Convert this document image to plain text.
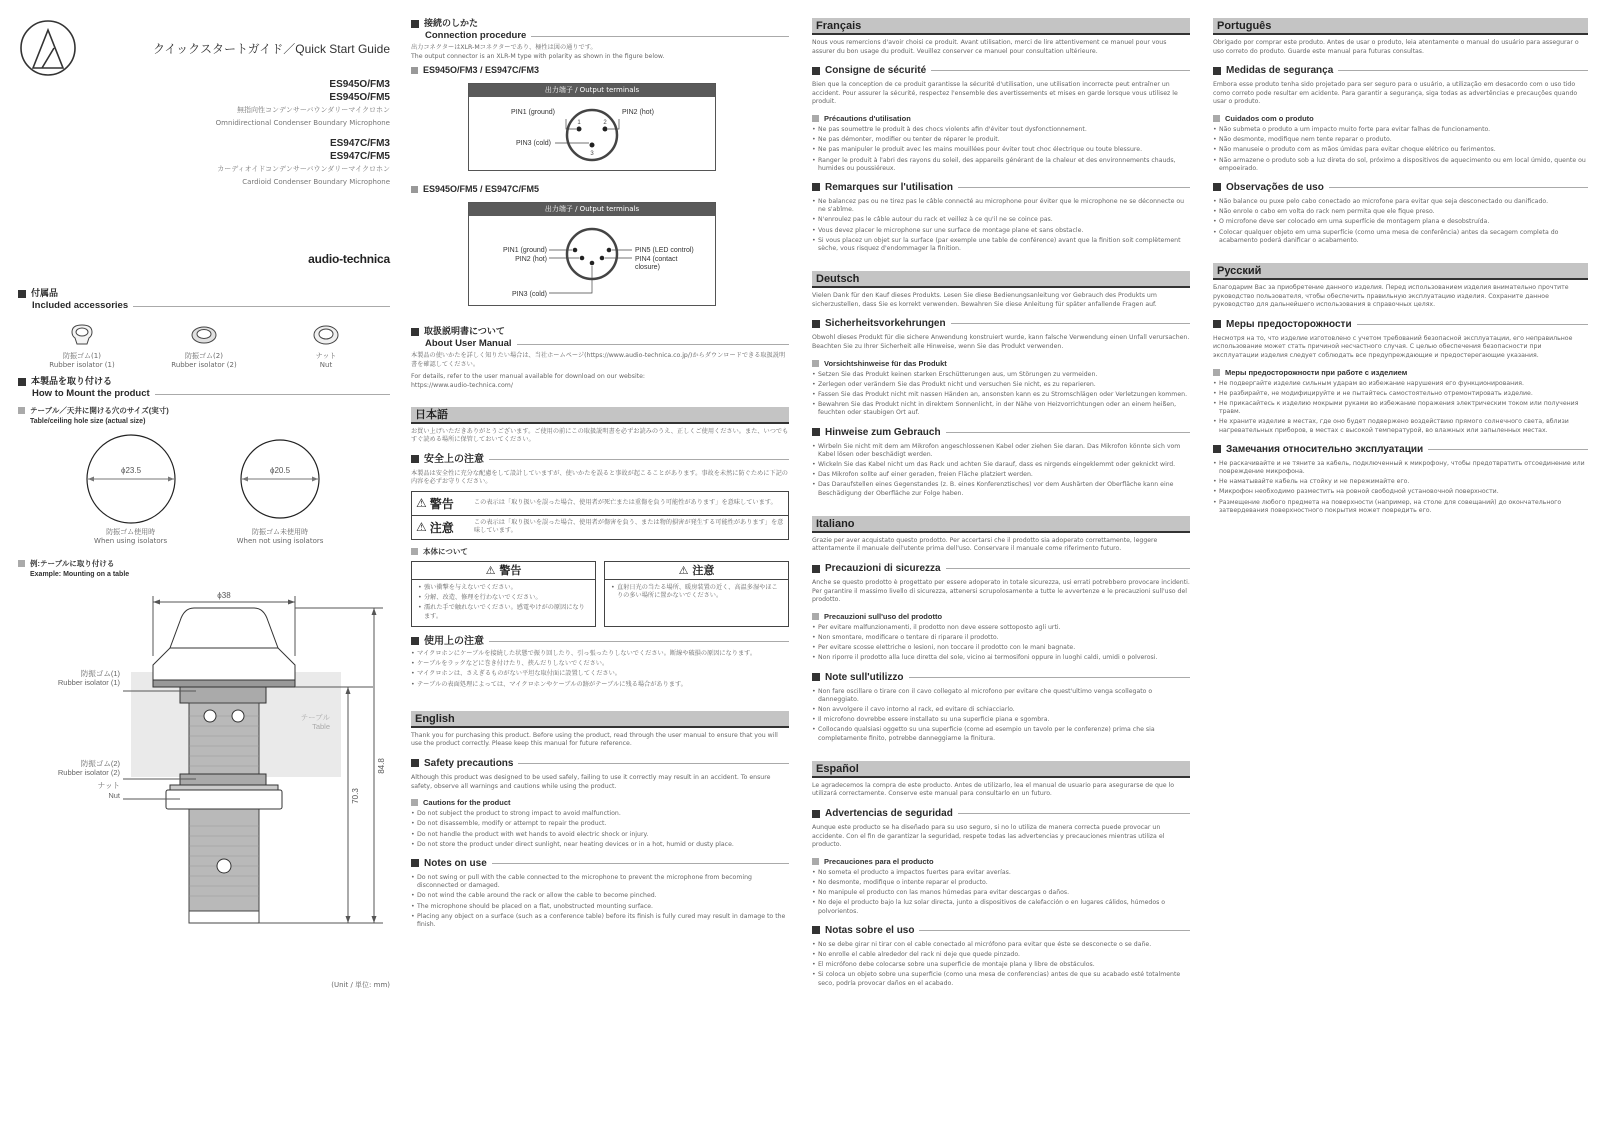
クイックスタートガイド／Quick Start Guide
ES945O/FM3
ES945O/FM5
無指向性コンデンサーバウンダリーマイクロホン
Omnidirectional Condenser Boundary Microphone
ES947C/FM3
ES947C/FM5
カーディオイドコンデンサーバウンダリーマイクロホン
Cardioid Condenser Boundary Microphone
audio-technica
付属品
Included accessories
防振ゴム(1)
Rubber isolator (1)
防振ゴム(2)
Rubber isolator (2)
ナット
Nut
本製品を取り付ける
How to Mount the product
テーブル／天井に開ける穴のサイズ(実寸)
Table/ceiling hole size (actual size)
ϕ23.5
防振ゴム使用時
When using isolators
ϕ20.5
防振ゴム未使用時
When not using isolators
例:テーブルに取り付ける
Example: Mounting on a table
ϕ38
84.8
70.3
防振ゴム(1)
Rubber isolator (1)
防振ゴム(2)
Rubber isolator (2)
ナット
Nut
テーブル
Table
(Unit / 単位: mm)
接続のしかた
Connection procedure
出力コネクターはXLR-Mコネクターであり、極性は図の通りです。
The output connector is an XLR-M type with polarity as shown in the figure below.
ES945O/FM3 / ES947C/FM3
出力端子 / Output terminals
1	2
3
PIN1 (ground)	PIN2 (hot)
PIN3 (cold)
ES945O/FM5 / ES947C/FM5
出力端子 / Output terminals
PIN1 (ground)
PIN2 (hot)
PIN3 (cold)
PIN5 (LED control)
PIN4 (contact
closure)
取扱説明書について
About User Manual
本製品の使いかたを詳しく知りたい場合は、当社ホームページ(https://www.audio-technica.co.jp/)からダウンロードできる取扱説明書を確認してください。
For details, refer to the user manual available for download on our website:
https://www.audio-technica.com/
日本語

お買い上げいただきありがとうございます。ご使用の前にこの取扱説明書を必ずお読みのうえ、正しくご使用ください。また、いつでもすぐ読める場所に保管しておいてください。

安全上の注意

本製品は安全性に充分な配慮をして設計していますが、使いかたを誤ると事故が起こることがあります。事故を未然に防ぐために下記の内容を必ずお守りください。

⚠ 警告	この表示は「取り扱いを誤った場合、使用者が死亡または重傷を負う可能性があります」を意味しています。
⚠ 注意	この表示は「取り扱いを誤った場合、使用者が傷害を負う、または物的損害が発生する可能性があります」を意味しています。
本体について
⚠ 警告
• 強い衝撃を与えないでください。
• 分解、改造、修理を行わないでください。
• 濡れた手で触れないでください。感電やけがの原因になります。
⚠ 注意
• 直射日光の当たる場所、暖房装置の近く、高温多湿やほこりの多い場所に置かないでください。
使用上の注意
• マイクロホンにケーブルを接続した状態で振り回したり、引っ張ったりしないでください。断線や破損の原因になります。
• ケーブルをラックなどに巻き付けたり、挟んだりしないでください。
• マイクロホンは、さえぎるものがない平坦な取付面に設置してください。
• テーブルの表面処理によっては、マイクロホンやケーブルの跡がテーブルに残る場合があります。
English

Thank you for purchasing this product. Before using the product, read through the user manual to ensure that you will use the product correctly. Please keep this manual for future reference.

Safety precautions

Although this product was designed to be used safely, failing to use it correctly may result in an accident. To ensure safety, observe all warnings and cautions while using the product.

Cautions for the product
• Do not subject the product to strong impact to avoid malfunction.
• Do not disassemble, modify or attempt to repair the product.
• Do not handle the product with wet hands to avoid electric shock or injury.
• Do not store the product under direct sunlight, near heating devices or in a hot, humid or dusty place.
Notes on use
• Do not swing or pull with the cable connected to the microphone to prevent the microphone from becoming disconnected or damaged.
• Do not wind the cable around the rack or allow the cable to become pinched.
• The microphone should be placed on a flat, unobstructed mounting surface.
• Placing any object on a surface (such as a conference table) before its finish is fully cured may result in damage to the finish.
Français

Nous vous remercions d'avoir choisi ce produit. Avant utilisation, merci de lire attentivement ce manuel pour vous assurer du bon usage du produit. Veuillez conserver ce manuel pour consultation ultérieure.

Consigne de sécurité

Bien que la conception de ce produit garantisse la sécurité d'utilisation, une utilisation incorrecte peut entraîner un accident. Pour assurer la sécurité, respectez l'ensemble des avertissements et mises en garde lorsque vous utilisez le produit.

Précautions d'utilisation
• Ne pas soumettre le produit à des chocs violents afin d'éviter tout dysfonctionnement.
• Ne pas démonter, modifier ou tenter de réparer le produit.
• Ne pas manipuler le produit avec les mains mouillées pour éviter tout choc électrique ou toute blessure.
• Ranger le produit à l'abri des rayons du soleil, des appareils générant de la chaleur et des environnements chauds, humides ou poussiéreux.
Remarques sur l'utilisation
• Ne balancez pas ou ne tirez pas le câble connecté au microphone pour éviter que le microphone ne se déconnecte ou ne s'abîme.
• N'enroulez pas le câble autour du rack et veillez à ce qu'il ne se coince pas.
• Vous devez placer le microphone sur une surface de montage plane et sans obstacle.
• Si vous placez un objet sur la surface (par exemple une table de conférence) avant que la finition soit complètement sèche, vous risquez d'endommager la finition.
Deutsch

Vielen Dank für den Kauf dieses Produkts. Lesen Sie diese Bedienungsanleitung vor Gebrauch des Produkts um sicherzustellen, dass Sie es korrekt verwenden. Bewahren Sie diese Anleitung für später anfallende Fragen auf.

Sicherheitsvorkehrungen

Obwohl dieses Produkt für die sichere Anwendung konstruiert wurde, kann falsche Verwendung einen Unfall verursachen. Beachten Sie zu Ihrer Sicherheit alle Hinweise, wenn Sie das Produkt verwenden.

Vorsichtshinweise für das Produkt
• Setzen Sie das Produkt keinen starken Erschütterungen aus, um Störungen zu vermeiden.
• Zerlegen oder verändern Sie das Produkt nicht und versuchen Sie nicht, es zu reparieren.
• Fassen Sie das Produkt nicht mit nassen Händen an, ansonsten kann es zu Stromschlägen oder Verletzungen kommen.
• Bewahren Sie das Produkt nicht in direktem Sonnenlicht, in der Nähe von Heizvorrichtungen oder an einem heißen, feuchten oder staubigen Ort auf.
Hinweise zum Gebrauch
• Wirbeln Sie nicht mit dem am Mikrofon angeschlossenen Kabel oder ziehen Sie daran. Das Mikrofon könnte sich vom Kabel lösen oder beschädigt werden.
• Wickeln Sie das Kabel nicht um das Rack und achten Sie darauf, dass es nirgends eingeklemmt oder geknickt wird.
• Das Mikrofon sollte auf einer geraden, freien Fläche platziert werden.
• Das Daraufstellen eines Gegenstandes (z. B. eines Konferenztisches) vor dem Aushärten der Oberfläche kann eine Beschädigung der Oberfläche zur Folge haben.
Italiano

Grazie per aver acquistato questo prodotto. Per accertarsi che il prodotto sia adoperato correttamente, leggere attentamente il manuale dell'utente prima dell'uso. Conservare il manuale come riferimento futuro.

Precauzioni di sicurezza

Anche se questo prodotto è progettato per essere adoperato in totale sicurezza, usi errati potrebbero provocare incidenti. Per garantire il massimo livello di sicurezza, attenersi scrupolosamente a tutte le avvertenze e le precauzioni sull'uso del prodotto.

Precauzioni sull'uso del prodotto
• Per evitare malfunzionamenti, il prodotto non deve essere sottoposto agli urti.
• Non smontare, modificare o tentare di riparare il prodotto.
• Per evitare scosse elettriche o lesioni, non toccare il prodotto con le mani bagnate.
• Non riporre il prodotto alla luce diretta del sole, vicino ai termosifoni oppure in luoghi caldi, umidi o polverosi.
Note sull'utilizzo
• Non fare oscillare o tirare con il cavo collegato al microfono per evitare che quest'ultimo venga scollegato o danneggiato.
• Non avvolgere il cavo intorno al rack, ed evitare di schiacciarlo.
• Il microfono dovrebbe essere installato su una superficie piana e sgombra.
• Collocando qualsiasi oggetto su una superficie (come ad esempio un tavolo per le conferenze) prima che sia completamente finito, potrebbe danneggiarne la finitura.
Español

Le agradecemos la compra de este producto. Antes de utilizarlo, lea el manual de usuario para asegurarse de que lo utilizará correctamente. Conserve este manual para consultarlo en un futuro.

Advertencias de seguridad

Aunque este producto se ha diseñado para su uso seguro, si no lo utiliza de manera correcta puede provocar un accidente. Con el fin de garantizar la seguridad, respete todas las advertencias y precauciones mientras utiliza el producto.

Precauciones para el producto
• No someta el producto a impactos fuertes para evitar averías.
• No desmonte, modifique o intente reparar el producto.
• No manipule el producto con las manos húmedas para evitar descargas o daños.
• No deje el producto bajo la luz solar directa, junto a dispositivos de calefacción o en lugares cálidos, húmedos o polvorientos.
Notas sobre el uso
• No se debe girar ni tirar con el cable conectado al micrófono para evitar que éste se desconecte o se dañe.
• No enrolle el cable alrededor del rack ni deje que quede pinzado.
• El micrófono debe colocarse sobre una superficie de montaje plana y libre de obstáculos.
• Si coloca un objeto sobre una superficie (como una mesa de conferencias) antes de que su acabado esté totalmente seco, podría provocar daños en el acabado.
Português

Obrigado por comprar este produto. Antes de usar o produto, leia atentamente o manual do usuário para assegurar o uso correto do produto. Guarde este manual para futuras consultas.

Medidas de segurança

Embora esse produto tenha sido projetado para ser seguro para o usuário, a utilização em desacordo com o uso tido como correto pode resultar em acidente. Para garantir a segurança, siga todas as advertências e precauções quando usar o produto.

Cuidados com o produto
• Não submeta o produto a um impacto muito forte para evitar falhas de funcionamento.
• Não desmonte, modifique nem tente reparar o produto.
• Não manuseie o produto com as mãos úmidas para evitar choque elétrico ou ferimentos.
• Não armazene o produto sob a luz direta do sol, próximo a dispositivos de aquecimento ou em local úmido, quente ou empoeirado.
Observações de uso
• Não balance ou puxe pelo cabo conectado ao microfone para evitar que seja desconectado ou danificado.
• Não enrole o cabo em volta do rack nem permita que ele fique preso.
• O microfone deve ser colocado em uma superfície de montagem plana e desobstruída.
• Colocar qualquer objeto em uma superfície (como uma mesa de conferência) antes da secagem completa do acabamento poderá danificar o acabamento.
Русский

Благодарим Вас за приобретение данного изделия. Перед использованием изделия внимательно прочтите руководство пользователя, чтобы обеспечить правильную эксплуатацию изделия. Сохраните данное руководство для дальнейшего использования в справочных целях.

Меры предосторожности

Несмотря на то, что изделие изготовлено с учетом требований безопасной эксплуатации, его неправильное использование может стать причиной несчастного случая. С целью обеспечения безопасности при эксплуатации изделия следует соблюдать все предупреждающие и предостерегающие указания.

Меры предосторожности при работе с изделием
• Не подвергайте изделие сильным ударам во избежание нарушения его функционирования.
• Не разбирайте, не модифицируйте и не пытайтесь самостоятельно отремонтировать изделие.
• Не прикасайтесь к изделию мокрыми руками во избежание поражения электрическим током или получения травм.
• Не храните изделие в местах, где оно будет подвержено воздействию прямого солнечного света, вблизи нагревательных приборов, в местах с высокой температурой, во влажных или запыленных местах.
Замечания относительно эксплуатации
• Не раскачивайте и не тяните за кабель, подключенный к микрофону, чтобы предотвратить отсоединение или повреждение микрофона.
• Не наматывайте кабель на стойку и не пережимайте его.
• Микрофон необходимо разместить на ровной свободной установочной поверхности.
• Размещение любого предмета на поверхности (например, на столе для совещаний) до окончательного затвердевания поверхностного покрытия может повредить его.
